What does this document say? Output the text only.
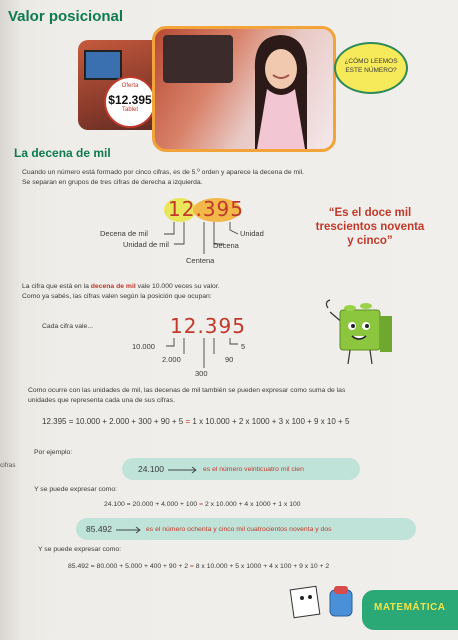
Valor posicional
Oferta
$12.395
Tablet
¿CÓMO LEEMOS
ESTE NÚMERO?
La decena de mil
Cuando un número está formado por cinco cifras, es de 5.º orden y aparece la decena de mil.
Se separan en grupos de tres cifras de derecha a izquierda.
12.395
Decena de mil
Unidad de mil
Centena
Decena
Unidad
“Es el doce mil
trescientos noventa
y cinco”
La cifra que está en la decena de mil vale 10.000 veces su valor.
Como ya sabés, las cifras valen según la posición que ocupan:
Cada cifra vale...	12.395
10.000
2.000
300
90
5
Como ocurre con las unidades de mil, las decenas de mil también se pueden expresar como suma de las
unidades que representa cada una de sus cifras.
12.395 = 10.000 + 2.000 + 300 + 90 + 5 = 1 x 10.000 + 2 x 1000 + 3 x 100 + 9 x 10 + 5
Por ejemplo:
24.100	es el número veinticuatro mil cien
Y se puede expresar como:
24.100 = 20.000 + 4.000 + 100 = 2 x 10.000 + 4 x 1000 + 1 x 100
85.492	es el número ochenta y cinco mil cuatrocientos noventa y dos
Y se puede expresar como:
85.492 = 80.000 + 5.000 + 400 + 90 + 2 = 8 x 10.000 + 5 x 1000 + 4 x 100 + 9 x 10 + 2
cifras
MATEMÁTICA
